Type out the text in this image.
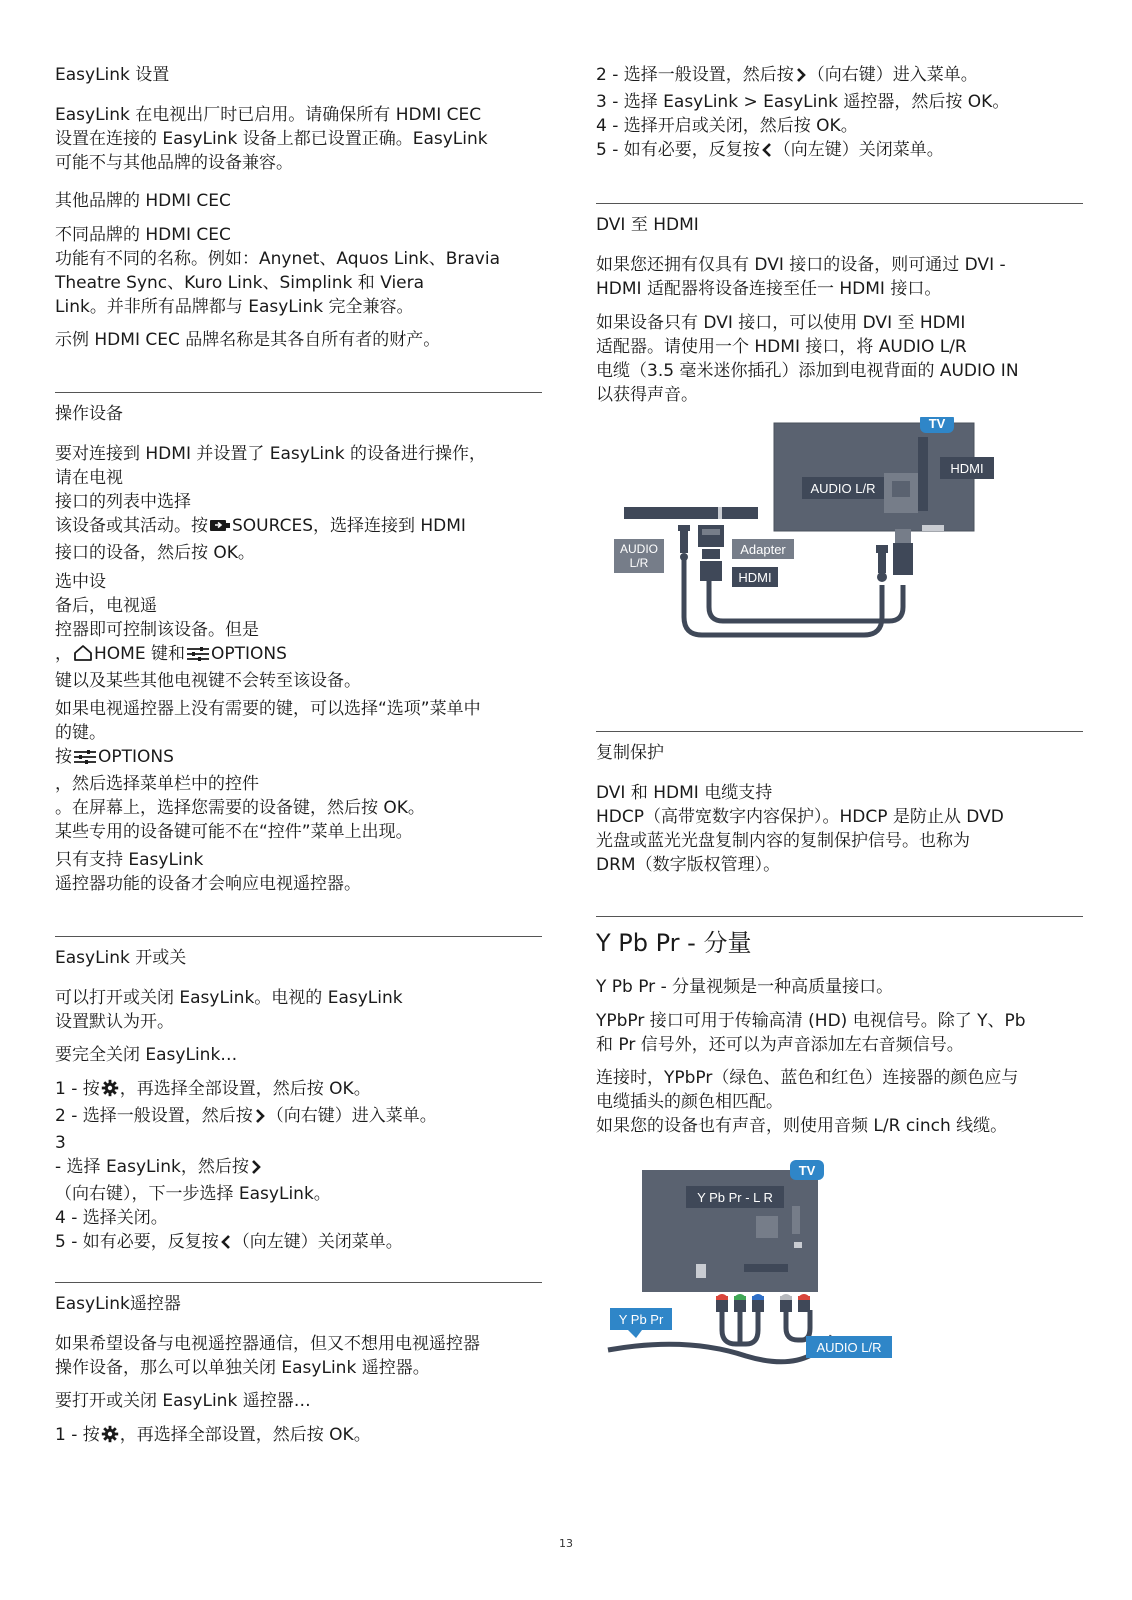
EasyLink 设置

EasyLink 在电视出厂时已启用。请确保所有 HDMI CEC

设置在连接的 EasyLink 设备上都已设置正确。EasyLink

可能不与其他品牌的设备兼容。

其他品牌的 HDMI CEC

不同品牌的 HDMI CEC

功能有不同的名称。例如：Anynet、Aquos Link、Bravia

Theatre Sync、Kuro Link、Simplink 和 Viera

Link。并非所有品牌都与 EasyLink 完全兼容。

示例 HDMI CEC 品牌名称是其各自所有者的财产。

操作设备

要对连接到 HDMI 并设置了 EasyLink 的设备进行操作，

请在电视

接口的列表中选择

该设备或其活动。按 SOURCES，选择连接到 HDMI

接口的设备，然后按 OK。

选中设

备后，电视遥

控器即可控制该设备。但是

， HOME 键和 OPTIONS

键以及某些其他电视键不会转至该设备。

如果电视遥控器上没有需要的键，可以选择“选项”菜单中

的键。

按 OPTIONS

，然后选择菜单栏中的控件

。在屏幕上，选择您需要的设备键，然后按 OK。

某些专用的设备键可能不在“控件”菜单上出现。

只有支持 EasyLink

遥控器功能的设备才会响应电视遥控器。

EasyLink 开或关

可以打开或关闭 EasyLink。电视的 EasyLink

设置默认为开。

要完全关闭 EasyLink…

1 - 按 ，再选择全部设置，然后按 OK。

2 - 选择一般设置，然后按 （向右键）进入菜单。

3

- 选择 EasyLink，然后按

（向右键），下一步选择 EasyLink。

4 - 选择关闭。

5 - 如有必要，反复按 （向左键）关闭菜单。

EasyLink遥控器

如果希望设备与电视遥控器通信，但又不想用电视遥控器

操作设备，那么可以单独关闭 EasyLink 遥控器。

要打开或关闭 EasyLink 遥控器…

1 - 按 ，再选择全部设置，然后按 OK。

2 - 选择一般设置，然后按 （向右键）进入菜单。

3 - 选择 EasyLink > EasyLink 遥控器，然后按 OK。

4 - 选择开启或关闭，然后按 OK。

5 - 如有必要，反复按 （向左键）关闭菜单。

DVI 至 HDMI

如果您还拥有仅具有 DVI 接口的设备，则可通过 DVI -

HDMI 适配器将设备连接至任一 HDMI 接口。

如果设备只有 DVI 接口，可以使用 DVI 至 HDMI

适配器。请使用一个 HDMI 接口，将 AUDIO L/R

电缆（3.5 毫米迷你插孔）添加到电视背面的 AUDIO IN

以获得声音。

TV
HDMI
AUDIO L/R
AUDIO
L/R
Adapter
HDMI

复制保护

DVI 和 HDMI 电缆支持

HDCP（高带宽数字内容保护）。HDCP 是防止从 DVD

光盘或蓝光光盘复制内容的复制保护信号。也称为

DRM（数字版权管理）。

Y Pb Pr - 分量

Y Pb Pr - 分量视频是一种高质量接口。

YPbPr 接口可用于传输高清 (HD) 电视信号。除了 Y、Pb

和 Pr 信号外，还可以为声音添加左右音频信号。

连接时，YPbPr（绿色、蓝色和红色）连接器的颜色应与

电缆插头的颜色相匹配。

如果您的设备也有声音，则使用音频 L/R cinch 线缆。

TV
Y Pb Pr - L R
Y Pb Pr
AUDIO L/R
13
